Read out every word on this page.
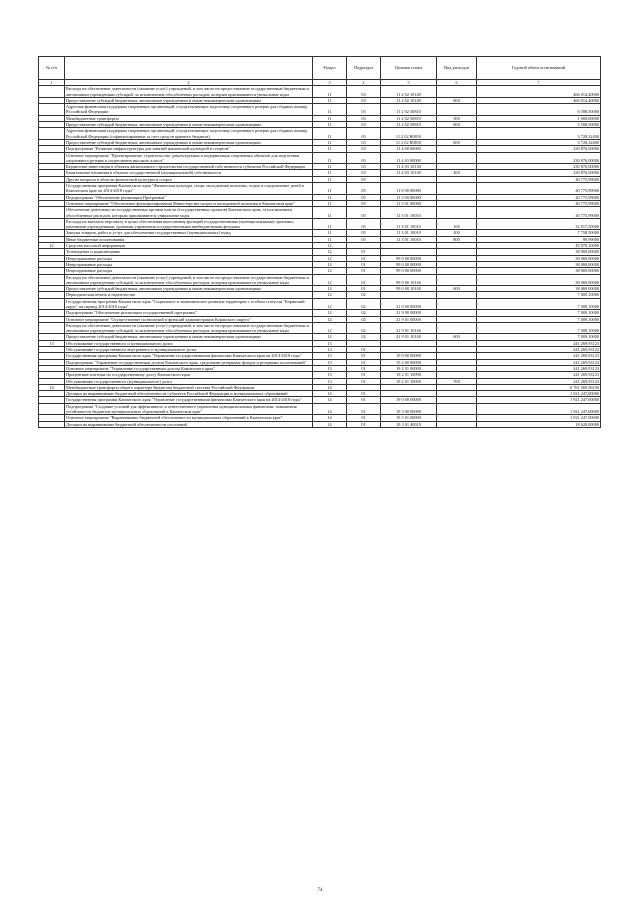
№ п/п		Раздел	Подраздел	Целевая статья	Вид расходов	Годовой объем ассигнований
1	2	3	4	5	6	7
	Расходы на обеспечение деятельности (оказание услуг) учреждений, в том числе на предоставление государственным бюджетным и автономным учреждениям субсидий, за исключением обособленных расходов, которым присваиваются уникальные коды	11	03	11 2 02 10140		466 014,40000
	Предоставление субсидий бюджетным, автономным учреждениям и иным некоммерческим организациям	11	03	11 2 02 10140	600	466 014,40000
	Адресная финансовая поддержка спортивных организаций, осуществляющих подготовку спортивного резерва для сборных команд Российской Федерации	11	03	11 2 02 50810		6 508,50000
	Межбюджетные трансферты	11	03	11 2 02 50810	500	1 000,00000
	Предоставление субсидий бюджетным, автономным учреждениям и иным некоммерческим организациям	11	03	11 2 02 50810	600	5 508,50000
	Адресная финансовая поддержка спортивных организаций, осуществляющих подготовку спортивного резерва для сборных команд Российской Федерации (софинансирование за счет средств краевого бюджета)	11	03	11 2 02 R0810		3 728,32400
	Предоставление субсидий бюджетным, автономным учреждениям и иным некоммерческим организациям	11	03	11 2 02 R0810	600	3 728,32400
	Подпрограмма "Развитие инфраструктуры для занятий физической культурой и спортом"	11	03	11 4 00 00000		230 876,00000
	Основное мероприятие "Проектирование, строительство, реконструкция и модернизация спортивных объектов для подготовки спортивного резерва и спортсменов высокого класса"	11	03	11 4 03 00000		230 876,00000
	Бюджетные инвестиции в объекты капитального строительства государственной собственности субъектов Российской Федерации	11	03	11 4 03 10130		230 876,00000
	Капитальные вложения в объекты государственной (муниципальной) собственности	11	03	11 4 03 10130	400	230 876,00000
	Другие вопросы в области физической культуры и спорта	11	05			40 775,99000
	Государственная программа Камчатского края "Физическая культура, спорт, молодежная политика, отдых и оздоровление детей в Камчатском крае на 2014-2018 годы"	11	05	11 0 00 00000		40 775,99000
	Подпрограмма "Обеспечение реализации Программы"	11	05	11 3 00 00000		40 775,99000
	Основное мероприятие "Обеспечение функционирования Министерства спорта и молодежной политики в Камчатском крае"	11	05	11 3 01 00000		40 775,99000
	Обеспечение деятельности государственных органов власти (государственных органов) Камчатского края, за исключением обособленных расходов, которым присваиваются уникальные коды	11	05	11 3 01 10010		40 775,99000
	Расходы на выплаты персоналу в целях обеспечения выполнения функций государственными (муниципальными) органами, казенными учреждениями, органами управления государственными внебюджетными фондами	11	05	11 3 01 10010	100	32 917,50000
	Закупка товаров, работ и услуг для обеспечения государственных (муниципальных) нужд	11	05	11 3 01 10010	200	7 758,50000
	Иные бюджетные ассигнования	11	05	11 3 01 10010	800	99,99000
12	Средства массовой информации	12				45 078,10000
	Телевидение и радиовещание	12	01			38 069,00000
	Непрограммные расходы	12	01	99 0 00 00000		38 069,00000
	Непрограммные расходы	12	01	99 0 00 00000		38 069,00000
	Непрограммные расходы	12	01	99 0 00 00000		38 069,00000
	Расходы на обеспечение деятельности (оказание услуг) учреждений, в том числе на предоставление государственным бюджетным и автономным учреждениям субсидий, за исключением обособленных расходов, которым присваиваются уникальные коды	12	01	99 0 00 10140		38 069,00000
	Предоставление субсидий бюджетным, автономным учреждениям и иным некоммерческим организациям	12	01	99 0 00 10140	600	38 069,00000
	Периодическая печать и издательства	12	02			7 009,10000
	Государственная программа Камчатского края "Социальное и экономическое развитие территории с особым статусом "Корякский округ" на период 2014-2018 годы"	12	02	21 0 00 00000		7 009,10000
	Подпрограмма "Обеспечение реализации государственной программы"	12	02	21 9 00 00000		7 009,10000
	Основное мероприятие "Осуществление полномочий и функций администрации Корякского округа"	12	02	21 9 01 00000		7 009,10000
	Расходы на обеспечение деятельности (оказание услуг) учреждений, в том числе на предоставление государственным бюджетным и автономным учреждениям субсидий, за исключением обособленных расходов, которым присваиваются уникальные коды	12	02	21 9 01 10140		7 009,10000
	Предоставление субсидий бюджетным, автономным учреждениям и иным некоммерческим организациям	12	02	21 9 01 10140	600	7 009,10000
13	Обслуживание государственного и муниципального долга	13				241 269,93123
	Обслуживание государственного внутреннего и муниципального долга	13	01			241 269,93123
	Государственная программа Камчатского края "Управление государственными финансами Камчатского края на 2014-2018 годы"	13	01	19 0 00 00000		241 269,93123
	Подпрограмма "Управление государственным долгом Камчатского края, средствами резервных фондов и резервами ассигнований"	13	01	19 2 00 00000		241 269,93123
	Основное мероприятие "Управление государственным долгом Камчатского края"	13	01	19 2 01 00000		241 269,93123
	Процентные платежи по государственному долгу Камчатского края	13	01	19 2 01 10090		241 269,93123
	Обслуживание государственного (муниципального) долга	13	01	19 2 01 10090	700	241 269,93123
14	Межбюджетные трансферты общего характера бюджетам бюджетной системы Российской Федерации	14				6 761 569,56100
	Дотации на выравнивание бюджетной обеспеченности субъектов Российской Федерации и муниципальных образований	14	01			1 921 247,00000
	Государственная программа Камчатского края "Управление государственными финансами Камчатского края на 2014-2018 годы"	14	01	19 0 00 00000		1 921 247,00000
	Подпрограмма "Создание условий для эффективного и ответственного управления муниципальными финансами, повышения устойчивости бюджетов муниципальных образований в Камчатском крае"	14	01	19 3 00 00000		1 921 247,00000
	Основное мероприятие "Выравнивание бюджетной обеспеченности муниципальных образований в Камчатском крае"	14	01	19 3 01 00000		1 921 247,00000
	Дотации на выравнивание бюджетной обеспеченности поселений	14	01	19 3 01 40010		18 620,00000
74
